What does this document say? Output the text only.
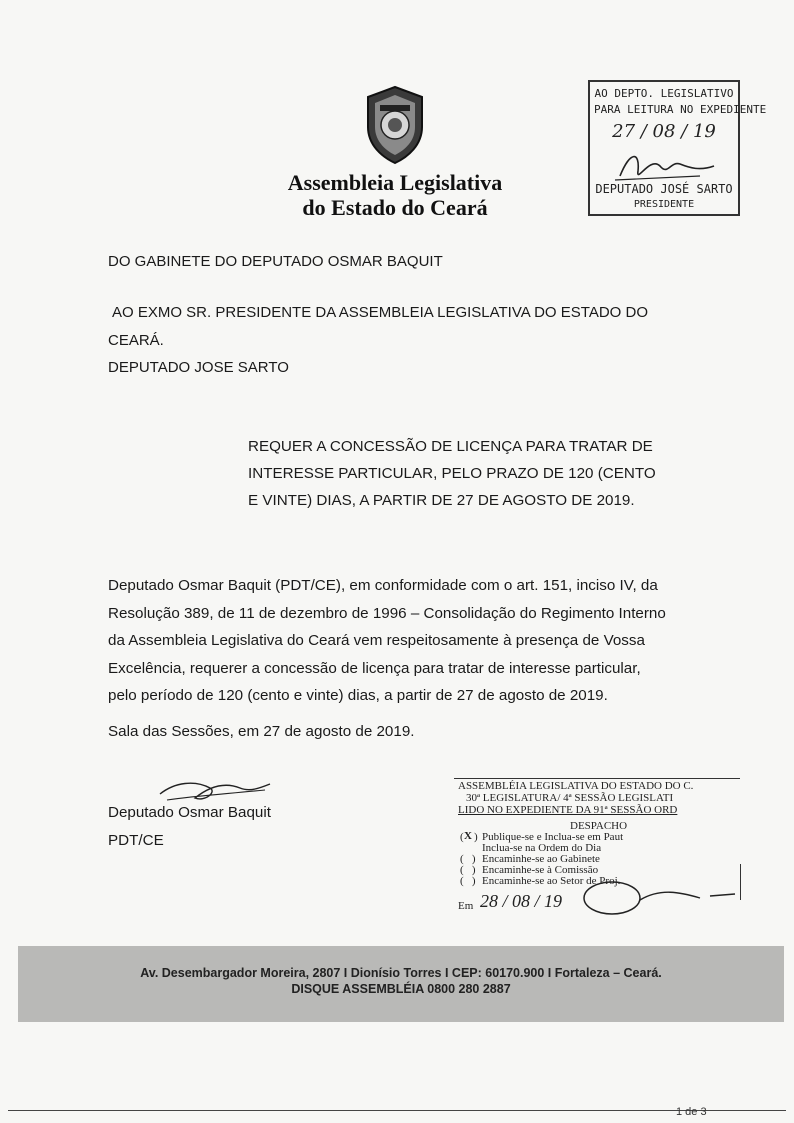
Assembleia Legislativa
do Estado do Ceará
AO DEPTO. LEGISLATIVO
PARA LEITURA NO EXPEDIENTE
27 / 08 / 19
DEPUTADO JOSÉ SARTO
PRESIDENTE
DO GABINETE DO DEPUTADO OSMAR BAQUIT
AO EXMO SR. PRESIDENTE DA ASSEMBLEIA LEGISLATIVA DO ESTADO DO
CEARÁ.
DEPUTADO JOSE SARTO

REQUER A CONCESSÃO DE LICENÇA PARA TRATAR DE

INTERESSE PARTICULAR, PELO PRAZO DE 120 (CENTO

E VINTE) DIAS, A PARTIR DE 27 DE AGOSTO DE 2019.

Deputado Osmar Baquit (PDT/CE), em conformidade com o art. 151, inciso IV, da

Resolução 389, de 11 de dezembro de 1996 – Consolidação do Regimento Interno

da Assembleia Legislativa do Ceará vem respeitosamente à presença de Vossa

Excelência, requerer a concessão de licença para tratar de interesse particular,

pelo período de 120 (cento e vinte) dias, a partir de 27 de agosto de 2019.

Sala das Sessões, em 27 de agosto de 2019.
Deputado Osmar Baquit
PDT/CE
ASSEMBLÉIA LEGISLATIVA DO ESTADO DO C.
30ª LEGISLATURA/ 4ª SESSÃO LEGISLATI
LIDO NO EXPEDIENTE DA 91ª SESSÃO ORD
DESPACHO
X
( ) Publique-se e Inclua-se em Paut
Inclua-se na Ordem do Dia
(   ) Encaminhe-se ao Gabinete
(   ) Encaminhe-se à Comissão
(   ) Encaminhe-se ao Setor de Proj.
Em 28 / 08 / 19
Av. Desembargador Moreira, 2807 I Dionísio Torres I CEP: 60170.900 I Fortaleza – Ceará.
DISQUE ASSEMBLÉIA 0800 280 2887
1 de 3
